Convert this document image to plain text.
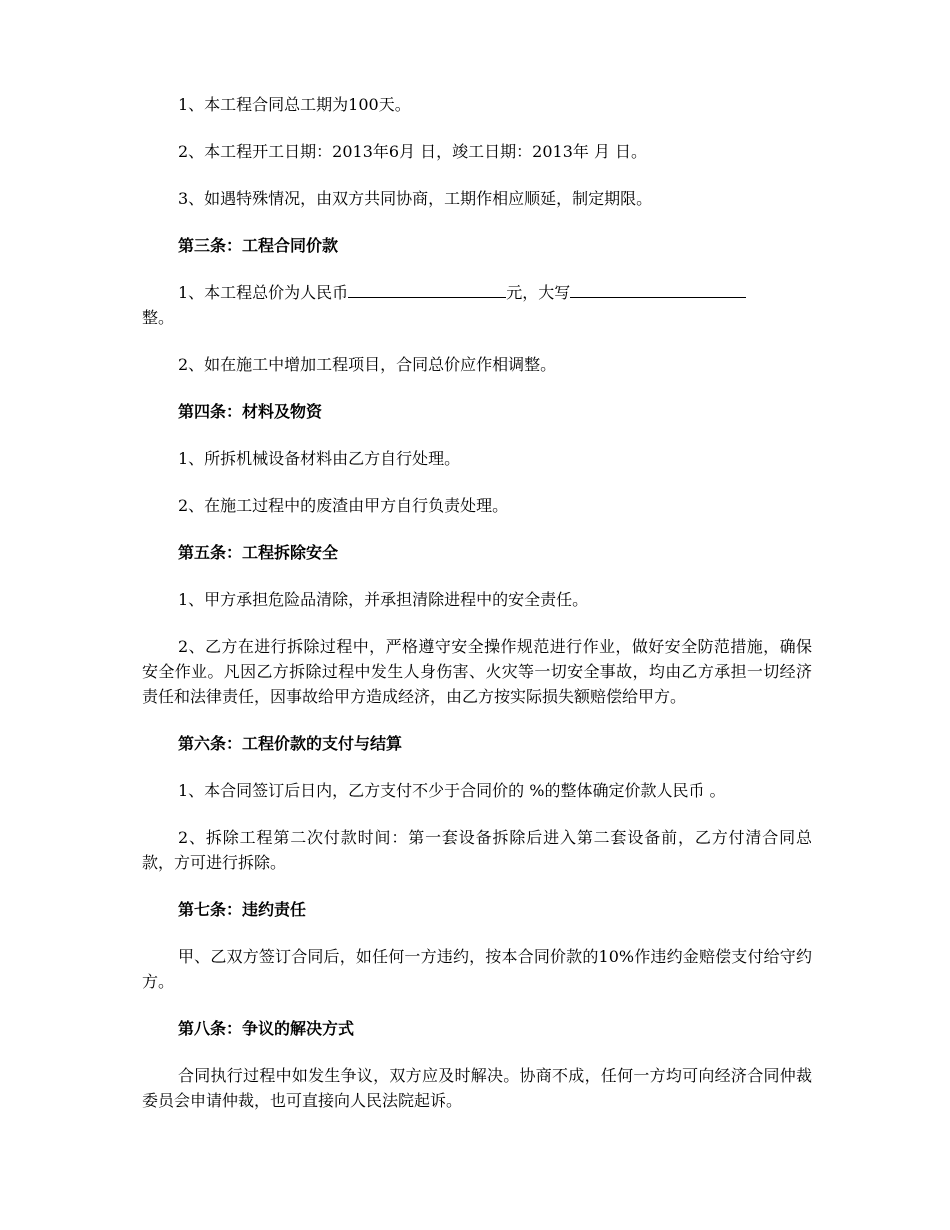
1、本工程合同总工期为100天。

2、本工程开工日期：2013年6月 日，竣工日期：2013年 月 日。

3、如遇特殊情况，由双方共同协商，工期作相应顺延，制定期限。

第三条：工程合同价款

1、本工程总价为人民币	元，大写
整。

2、如在施工中增加工程项目，合同总价应作相调整。

第四条：材料及物资

1、所拆机械设备材料由乙方自行处理。

2、在施工过程中的废渣由甲方自行负责处理。

第五条：工程拆除安全

1、甲方承担危险品清除，并承担清除进程中的安全责任。

2、乙方在进行拆除过程中，严格遵守安全操作规范进行作业，做好安全防范措施，确保安全作业。凡因乙方拆除过程中发生人身伤害、火灾等一切安全事故，均由乙方承担一切经济责任和法律责任，因事故给甲方造成经济，由乙方按实际损失额赔偿给甲方。

第六条：工程价款的支付与结算

1、本合同签订后日内，乙方支付不少于合同价的 %的整体确定价款人民币 。

2、拆除工程第二次付款时间：第一套设备拆除后进入第二套设备前，乙方付清合同总款，方可进行拆除。

第七条：违约责任

甲、乙双方签订合同后，如任何一方违约，按本合同价款的10%作违约金赔偿支付给守约方。

第八条：争议的解决方式

合同执行过程中如发生争议，双方应及时解决。协商不成，任何一方均可向经济合同仲裁委员会申请仲裁，也可直接向人民法院起诉。
